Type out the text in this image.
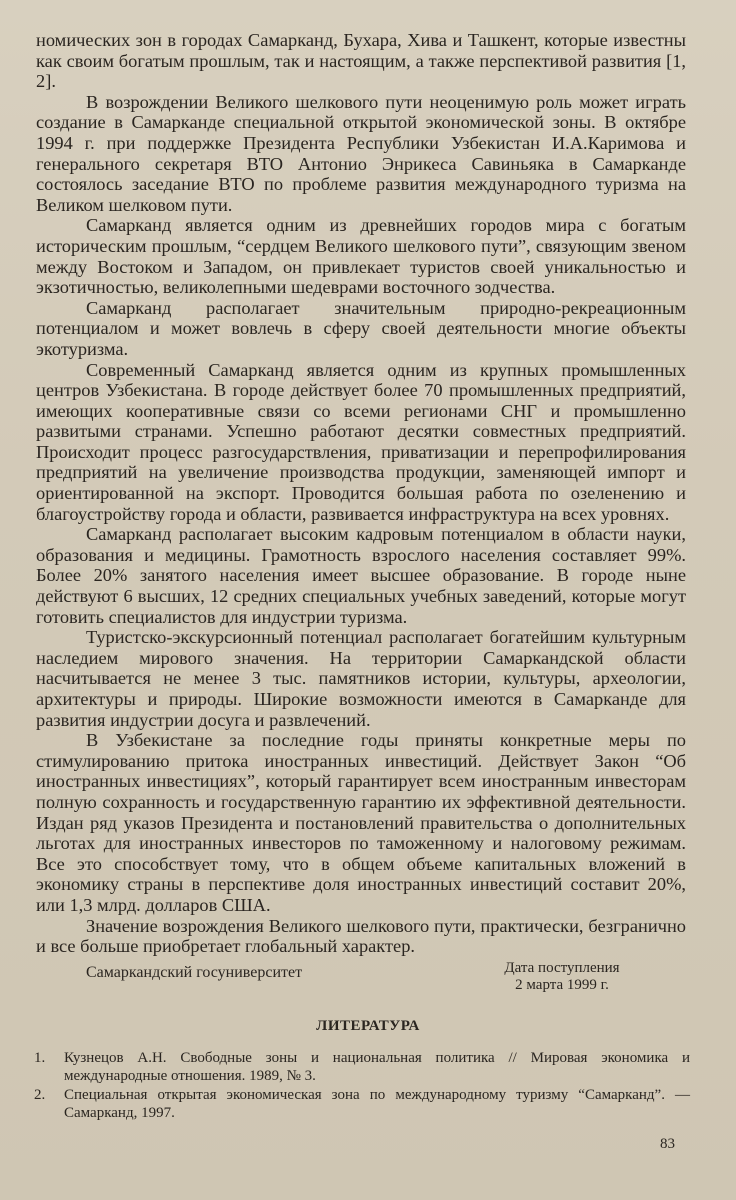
номических зон в городах Самарканд, Бухара, Хива и Ташкент, которые известны как своим богатым прошлым, так и настоящим, а также перспективой развития [1, 2].

В возрождении Великого шелкового пути неоценимую роль может играть создание в Самарканде специальной открытой экономической зоны. В октябре 1994 г. при поддержке Президента Республики Узбекистан И.А.Каримова и генерального секретаря ВТО Антонио Энрикеса Савиньяка в Самарканде состоялось заседание ВТО по проблеме развития международного туризма на Великом шелковом пути.

Самарканд является одним из древнейших городов мира с богатым историческим прошлым, “сердцем Великого шелкового пути”, связующим звеном между Востоком и Западом, он привлекает туристов своей уникальностью и экзотичностью, великолепными шедеврами восточного зодчества.

Самарканд располагает значительным природно-рекреационным потенциалом и может вовлечь в сферу своей деятельности многие объекты экотуризма.

Современный Самарканд является одним из крупных промышленных центров Узбекистана. В городе действует более 70 промышленных предприятий, имеющих кооперативные связи со всеми регионами СНГ и промышленно развитыми странами. Успешно работают десятки совместных предприятий. Происходит процесс разгосударствления, приватизации и перепрофилирования предприятий на увеличение производства продукции, заменяющей импорт и ориентированной на экспорт. Проводится большая работа по озеленению и благоустройству города и области, развивается инфраструктура на всех уровнях.

Самарканд располагает высоким кадровым потенциалом в области науки, образования и медицины. Грамотность взрослого населения составляет 99%. Более 20% занятого населения имеет высшее образование. В городе ныне действуют 6 высших, 12 средних специальных учебных заведений, которые могут готовить специалистов для индустрии туризма.

Туристско-экскурсионный потенциал располагает богатейшим культурным наследием мирового значения. На территории Самаркандской области насчитывается не менее 3 тыс. памятников истории, культуры, археологии, архитектуры и природы. Широкие возможности имеются в Самарканде для развития индустрии досуга и развлечений.

В Узбекистане за последние годы приняты конкретные меры по стимулированию притока иностранных инвестиций. Действует Закон “Об иностранных инвестициях”, который гарантирует всем иностранным инвесторам полную сохранность и государственную гарантию их эффективной деятельности. Издан ряд указов Президента и постановлений правительства о дополнительных льготах для иностранных инвесторов по таможенному и налоговому режимам. Все это способствует тому, что в общем объеме капитальных вложений в экономику страны в перспективе доля иностранных инвестиций составит 20%, или 1,3 млрд. долларов США.

Значение возрождения Великого шелкового пути, практически, безгранично и все больше приобретает глобальный характер.

Самаркандский госуниверситет	Дата поступления
2 марта 1999 г.
ЛИТЕРАТУРА
1.	Кузнецов А.Н. Свободные зоны и национальная политика // Мировая экономика и международные отношения. 1989, № 3.
2.	Специальная открытая экономическая зона по международному туризму “Самарканд”. — Самарканд, 1997.
83
